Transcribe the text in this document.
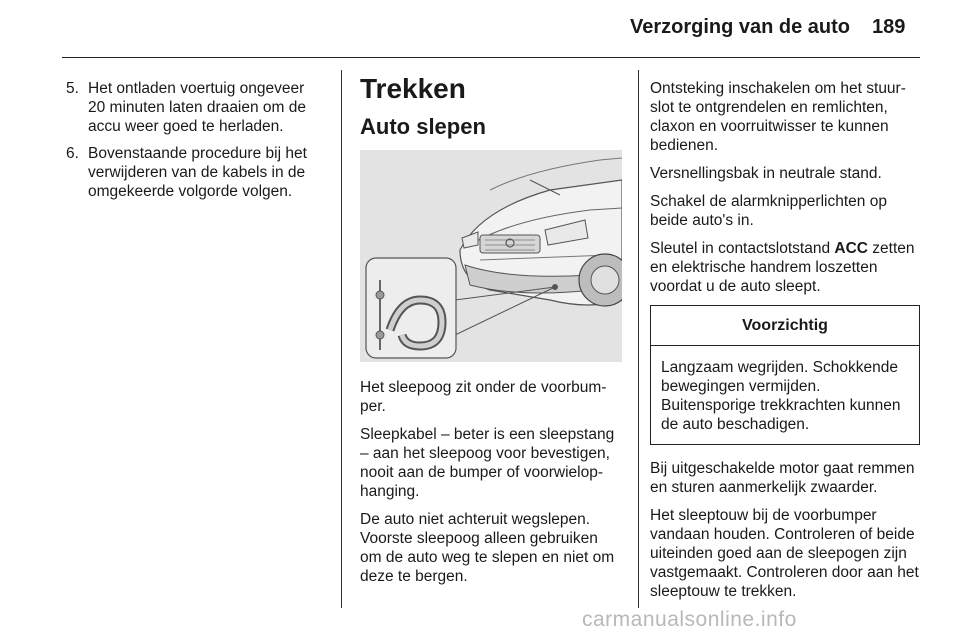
Verzorging van de auto 189
5. Het ontladen voertuig ongeveer 20 minuten laten draaien om de accu weer goed te herladen.
6. Bovenstaande procedure bij het verwijderen van de kabels in de omgekeerde volgorde volgen.
Trekken
Auto slepen

Het sleepoog zit onder de voorbumper.

Sleepkabel – beter is een sleepstang – aan het sleepoog voor bevestigen, nooit aan de bumper of voorwielophanging.

De auto niet achteruit wegslepen. Voorste sleepoog alleen gebruiken om de auto weg te slepen en niet om deze te bergen.

Ontsteking inschakelen om het stuurslot te ontgrendelen en remlichten, claxon en voorruitwisser te kunnen bedienen.

Versnellingsbak in neutrale stand.

Schakel de alarmknipperlichten op beide auto's in.

Sleutel in contactslotstand ACC zetten en elektrische handrem loszetten voordat u de auto sleept.

Voorzichtig
Langzaam wegrijden. Schokkende bewegingen vermijden. Buitensporige trekkrachten kunnen de auto beschadigen.

Bij uitgeschakelde motor gaat remmen en sturen aanmerkelijk zwaarder.

Het sleeptouw bij de voorbumper vandaan houden. Controleren of beide uiteinden goed aan de sleepogen zijn vastgemaakt. Controleren door aan het sleeptouw te trekken.

carmanualsonline.info
